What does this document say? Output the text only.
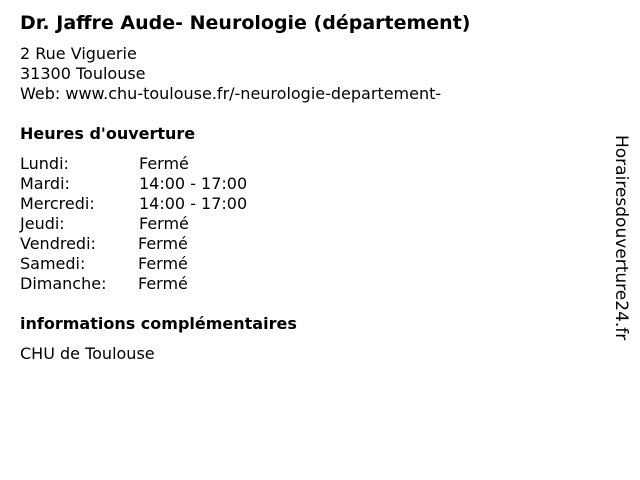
Dr. Jaffre Aude- Neurologie (département)
2 Rue Viguerie
31300 Toulouse
Web: www.chu-toulouse.fr/-neurologie-departement-
Heures d'ouverture
Lundi:	Fermé
Mardi:	14:00 - 17:00
Mercredi:	14:00 - 17:00
Jeudi:	Fermé
Vendredi:	Fermé
Samedi:	Fermé
Dimanche: Fermé
informations complémentaires
CHU de Toulouse
Horairesdouverture24.fr
